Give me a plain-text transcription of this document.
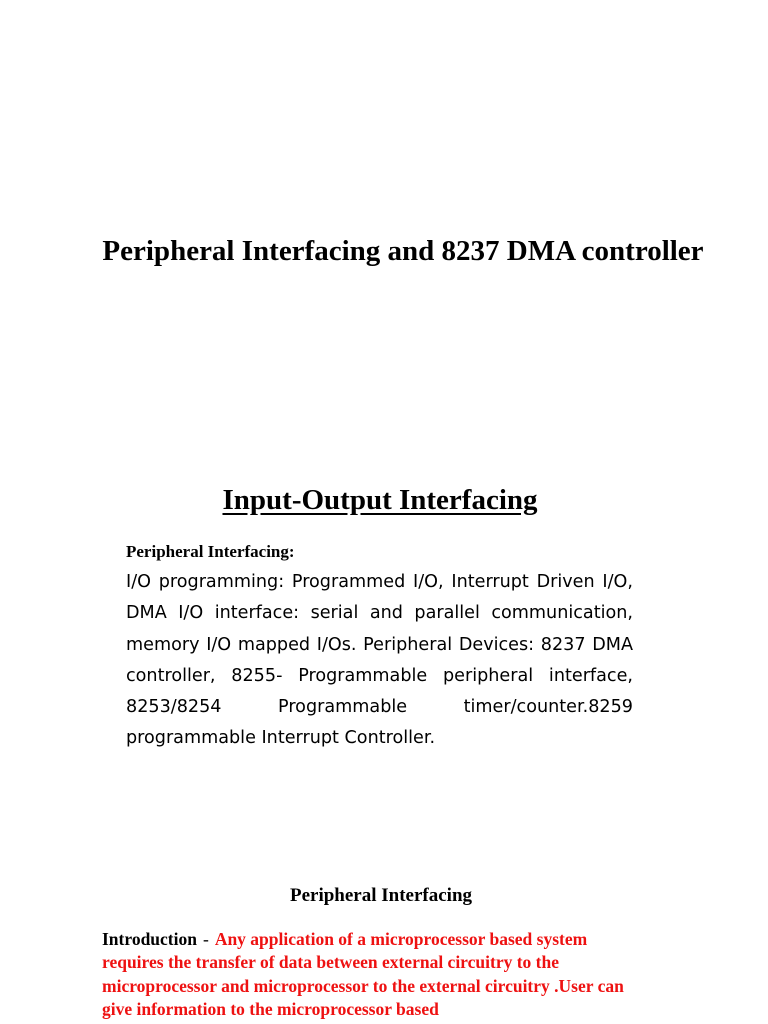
Peripheral Interfacing and 8237 DMA controller
Input-Output Interfacing

Peripheral Interfacing:

I/O programming: Programmed I/O, Interrupt Driven I/O, DMA I/O interface: serial and parallel communication, memory I/O mapped I/Os. Peripheral Devices: 8237 DMA controller, 8255- Programmable peripheral interface, 8253/8254 Programmable timer/counter.8259 programmable Interrupt Controller.

Peripheral Interfacing

Introduction - Any application of a microprocessor based system requires the transfer of data between external circuitry to the microprocessor and microprocessor to the external circuitry .User can give information to the microprocessor based
